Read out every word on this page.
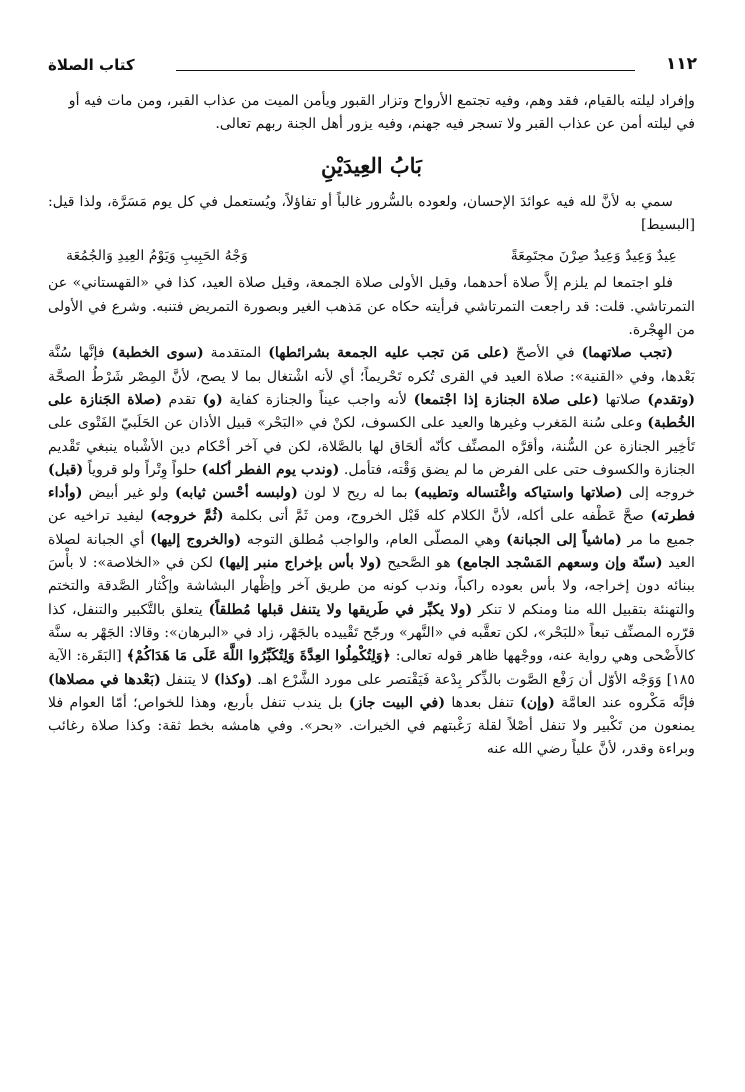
كتاب الصلاة	١١٢

وإفراد ليلته بالقيام، فقد وهم، وفيه تجتمع الأرواح وتزار القبور ويأمن الميت من عذاب القبر، ومن مات فيه أو في ليلته أمن عن عذاب القبر ولا تسجر فيه جهنم، وفيه يزور أهل الجنة ربهم تعالى.

بَابُ العِيدَيْنِ

سمي به لأنَّ لله فيه عوائدَ الإحسان، ولعوده بالسُّرور غالباً أو تفاؤلاً، ويُستعمل في كل يوم مَسَرَّة، ولذا قيل: [البسيط]

عِيدٌ وَعِيدٌ وَعِيدٌ صِرْنَ مجتَمِعَةً
وَجْهُ الحَبِيبِ وَيَوْمُ العِيدِ وَالجُمُعَة

فلو اجتمعا لم يلزم إلاَّ صلاة أحدهما، وقيل الأولى صلاة الجمعة، وقيل صلاة العيد، كذا في «القهستاني» عن التمرتاشي. قلت: قد راجعت التمرتاشي فرأيته حكاه عن مَذهب الغير وبصورة التمريض فتنبه. وشرع في الأولى من الهِجْرة.

(تجب صلاتهما) في الأصحّ (على مَن تجب عليه الجمعة بشرائطها) المتقدمة (سوى الخطبة) فإنَّها سُنَّة بَعْدها، وفي «القنية»: صلاة العيد في القرى تُكره تَحْريماً؛ أي لأنه اشْتغال بما لا يصح، لأنَّ المِصْر شَرْطُ الصحَّة (وتقدم) صلاتها (على صلاة الجنازة إذا اجْتمعا) لأنه واجب عيناً والجنازة كفاية (و) تقدم (صلاة الجَنازة على الخُطبة) وعلى سُنة المَغرب وغيرها والعيد على الكسوف، لكنْ في «البَحْر» قبيل الأذان عن الحَلَبيّ الفَتْوى على تَأخِير الجنازة عن السُّنة، وأقرَّه المصنِّف كأنّه ألحَاق لها بالصَّلاة، لكن في آخر أحْكام دين الأشْباه ينبغي تَقْديم الجنازة والكسوف حتى على الفرض ما لم يضق وَقْته، فتأمل. (وندب يوم الفطر أكله) حلواً وِتْراً ولو قروياً (قبل) خروجه إلى (صلاتها واستياكه واغْتساله وتطيبه) بما له ريح لا لون (ولبسه أحْسن ثيابه) ولو غير أبيض (وأداء فطرته) صحَّ عَطْفه على أكله، لأنَّ الكلام كله قَبْل الخروج، ومن ثَمَّ أتى بكلمة (ثُمَّ خروجه) ليفيد تراخيه عن جميع ما مر (ماشياً إلى الجبانة) وهي المصلّى العام، والواجب مُطلق التوجه (والخروج إليها) أي الجبانة لصلاة العيد (سنّة وإن وسعهم المَسْجد الجامع) هو الصَّحيح (ولا بأس بإخراج منبر إليها) لكن في «الخلاصة»: لا بأْسَ ببنائه دون إخراجه، ولا بأس بعوده راكباً، وندب كونه من طريق آخر وإظْهار البشاشة وإكْثار الصَّدقة والتختم والتهنئة بتقبيل الله منا ومنكم لا تنكر (ولا يكبِّر في طَريقها ولا يتنفل قبلها مُطلقاً) يتعلق بالتَّكبير والتنفل، كذا قرّره المصنِّف تبعاً «للبَحْر»، لكن تعقَّبه في «النَّهر» ورجّح تَقْييده بالجَهْر، زاد في «البرهان»: وقالا: الجَهْر به سنَّة كالأَضْحى وهي رواية عنه، ووجْهها ظاهر قوله تعالى: ﴿وَلِتُكْمِلُوا العِدَّةَ وَلِتُكَبِّرُوا اللَّهَ عَلَى مَا هَدَاكُمْ﴾ [البَقَرة: الآية ١٨٥] وَوَجْه الأوّل أن رَفْع الصَّوت بالذِّكر بِدْعة فَيَقْتصر على مورد الشَّرْع اهـ. (وكذا) لا يتنفل (بَعْدها في مصلاها) فإنَّه مَكْروه عند العامَّة (وإن) تنفل بعدها (في البيت جاز) بل يندب تنفل بأربع، وهذا للخواص؛ أمّا العوام فلا يمنعون من تَكْبير ولا تنفل أصْلاً لقلة رَغْبتهم في الخيرات. «بحر». وفي هامشه بخط ثقة: وكذا صلاة رغائب وبراءة وقدر، لأنَّ علياً رضي الله عنه
